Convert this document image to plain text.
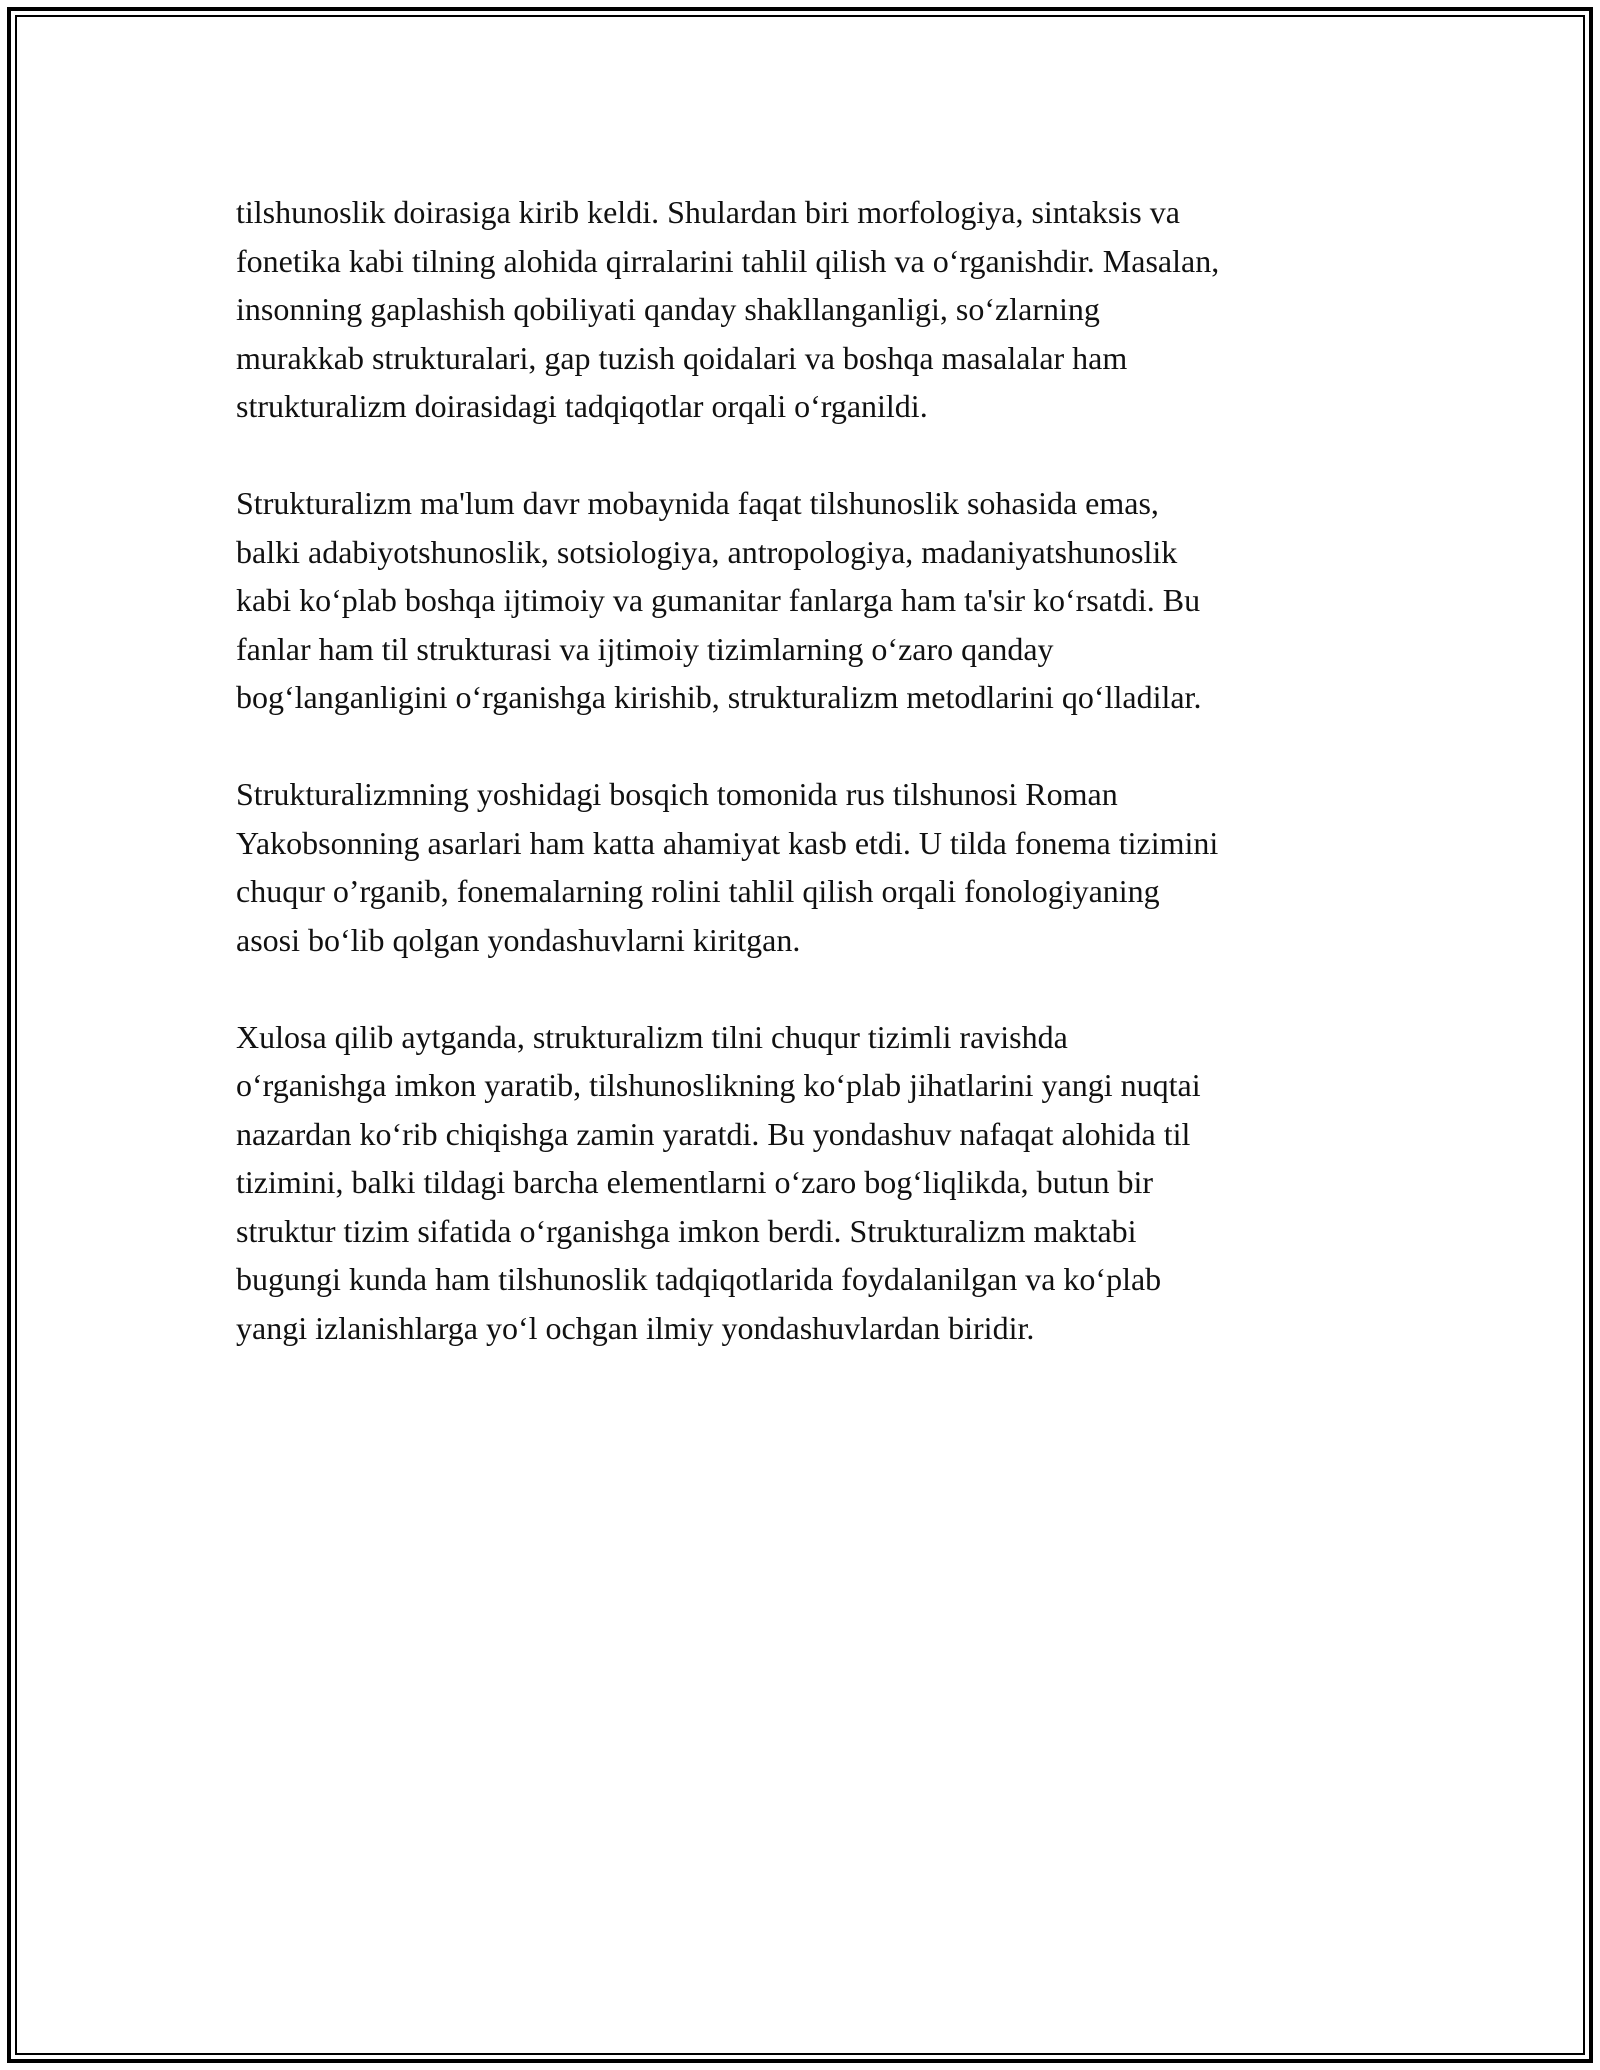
tilshunoslik doirasiga kirib keldi. Shulardan biri morfologiya, sintaksis va
fonetika kabi tilning alohida qirralarini tahlil qilish va oʻrganishdir. Masalan,
insonning gaplashish qobiliyati qanday shakllanganligi, soʻzlarning
murakkab strukturalari, gap tuzish qoidalari va boshqa masalalar ham
strukturalizm doirasidagi tadqiqotlar orqali oʻrganildi.

Strukturalizm ma'lum davr mobaynida faqat tilshunoslik sohasida emas,
balki adabiyotshunoslik, sotsiologiya, antropologiya, madaniyatshunoslik
kabi koʻplab boshqa ijtimoiy va gumanitar fanlarga ham ta'sir koʻrsatdi. Bu
fanlar ham til strukturasi va ijtimoiy tizimlarning oʻzaro qanday
bogʻlanganligini oʻrganishga kirishib, strukturalizm metodlarini qoʻlladilar.

Strukturalizmning yoshidagi bosqich tomonida rus tilshunosi Roman
Yakobsonning asarlari ham katta ahamiyat kasb etdi. U tilda fonema tizimini
chuqur o’rganib, fonemalarning rolini tahlil qilish orqali fonologiyaning
asosi boʻlib qolgan yondashuvlarni kiritgan.

Xulosa qilib aytganda, strukturalizm tilni chuqur tizimli ravishda
oʻrganishga imkon yaratib, tilshunoslikning koʻplab jihatlarini yangi nuqtai
nazardan koʻrib chiqishga zamin yaratdi. Bu yondashuv nafaqat alohida til
tizimini, balki tildagi barcha elementlarni oʻzaro bogʻliqlikda, butun bir
struktur tizim sifatida oʻrganishga imkon berdi. Strukturalizm maktabi
bugungi kunda ham tilshunoslik tadqiqotlarida foydalanilgan va koʻplab
yangi izlanishlarga yoʻl ochgan ilmiy yondashuvlardan biridir.
